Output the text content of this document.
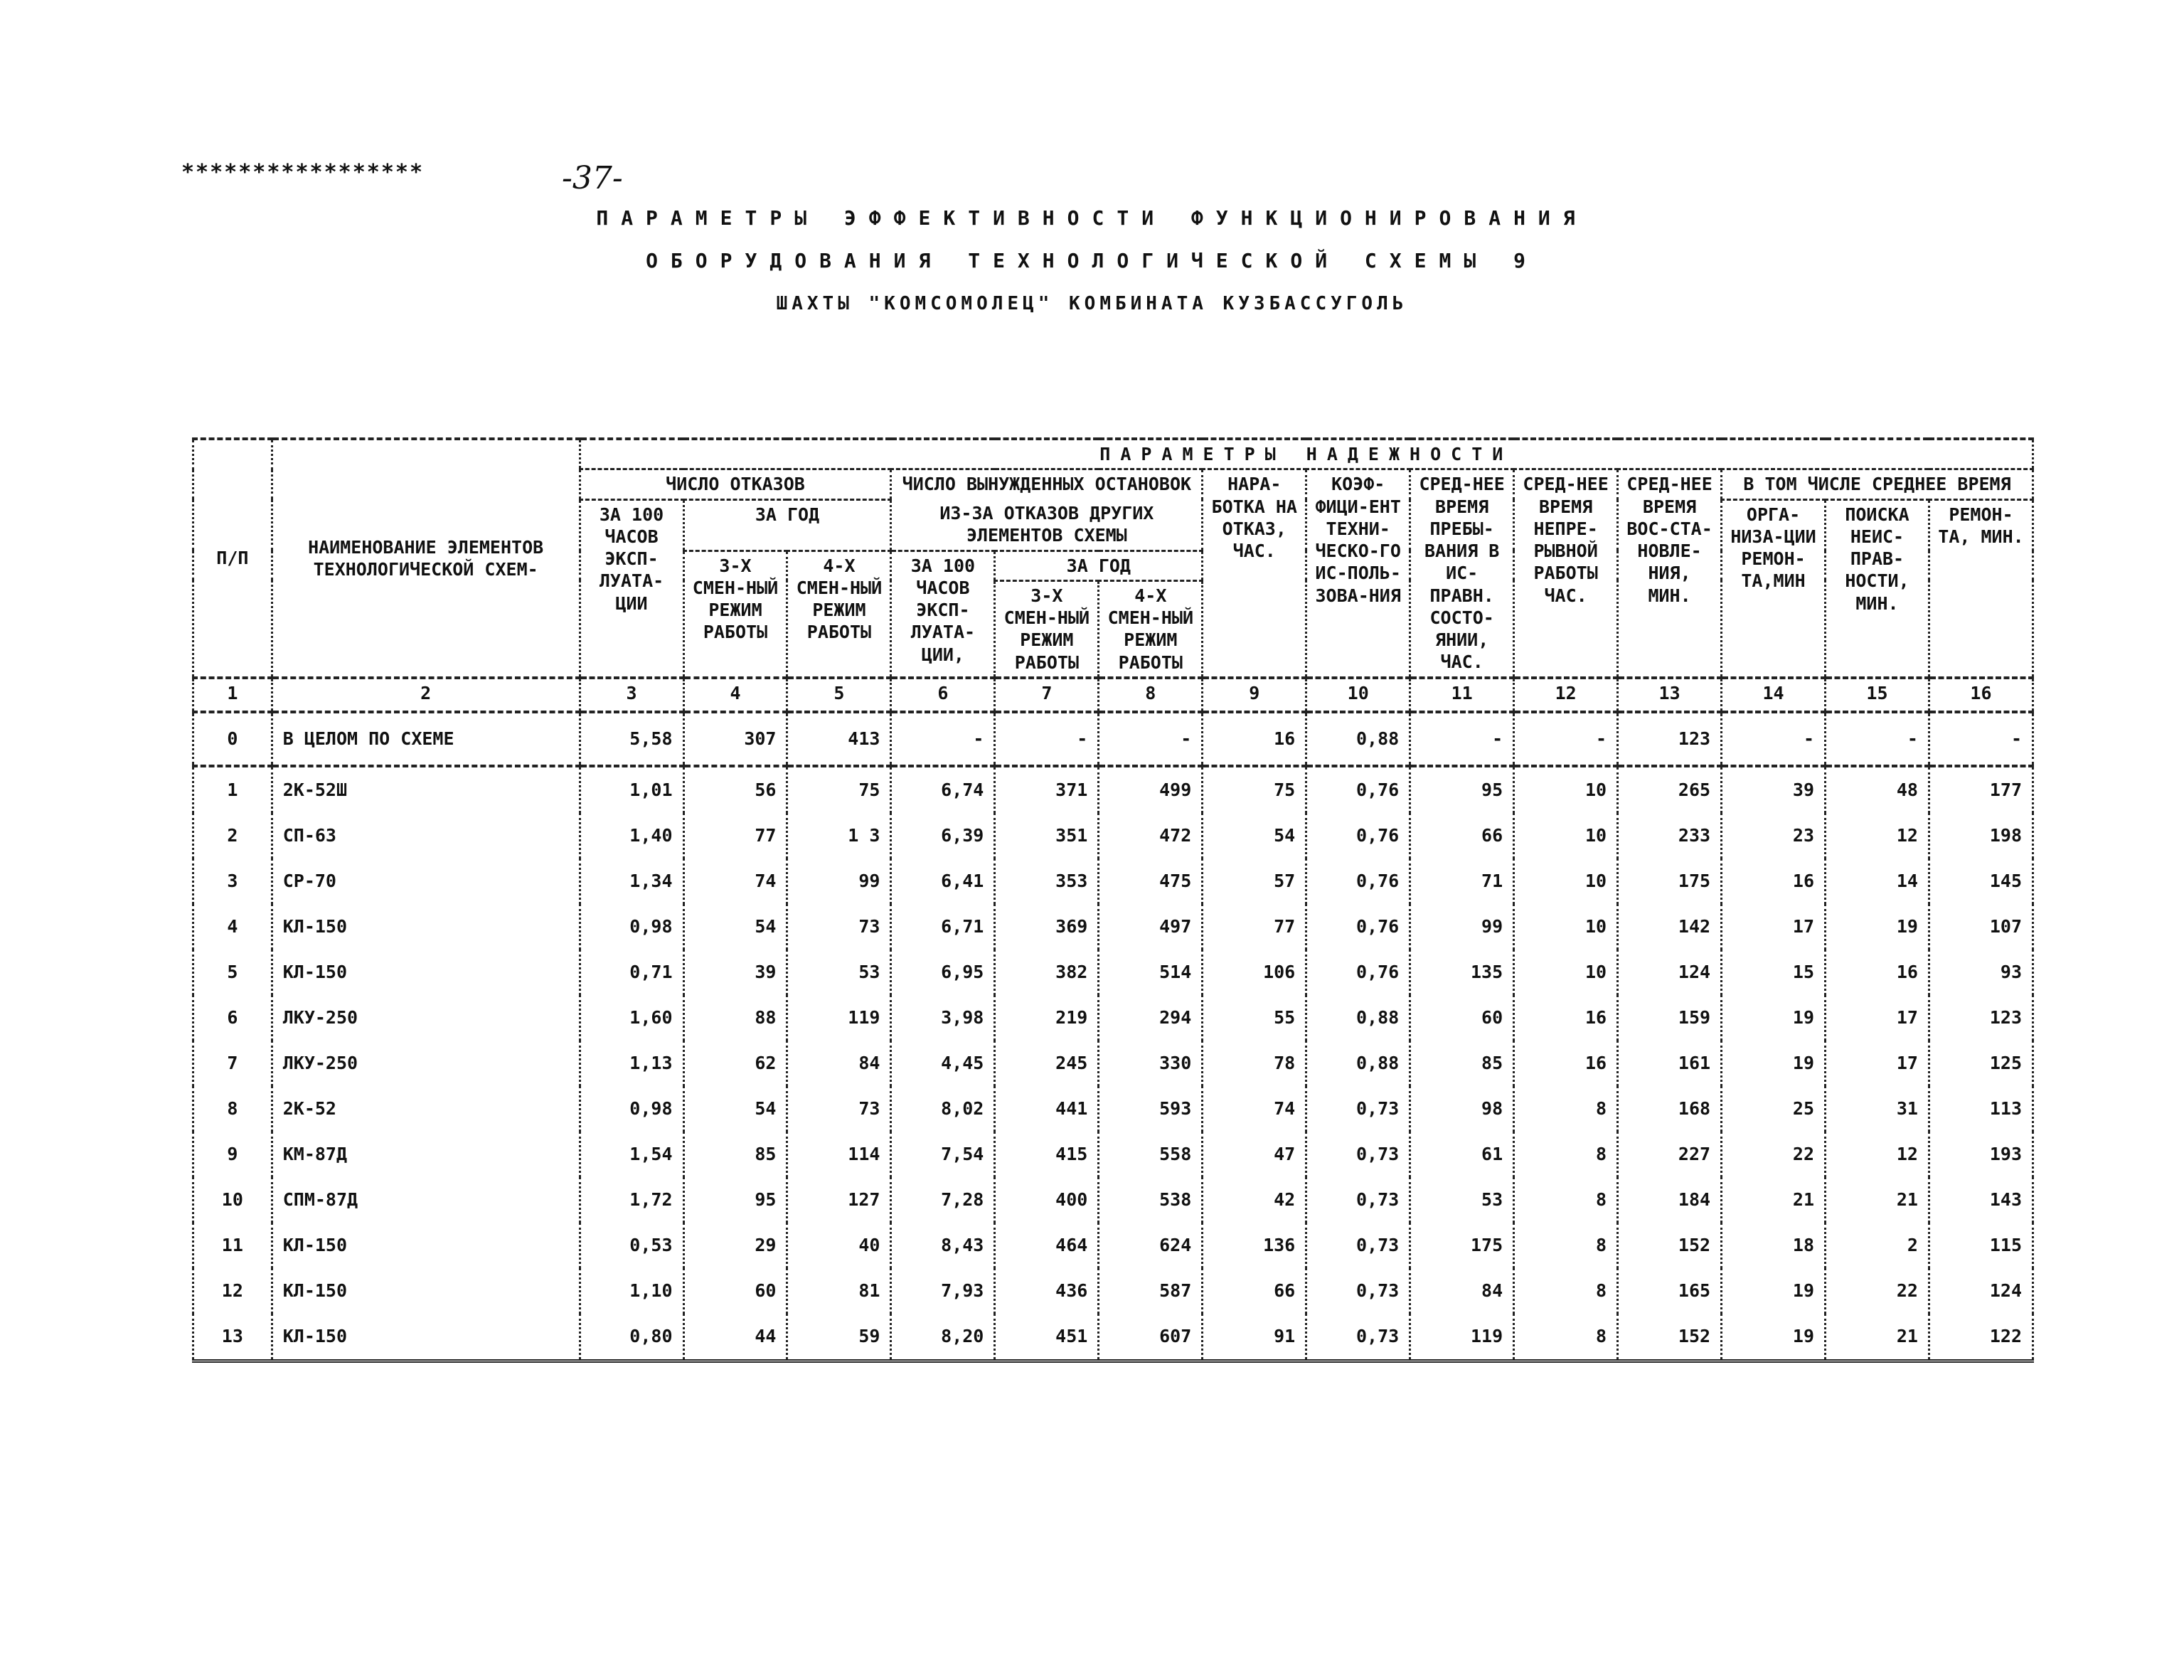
*****************	-37-
ПАРАМЕТРЫ ЭФФЕКТИВНОСТИ ФУНКЦИОНИРОВАНИЯ
ОБОРУДОВАНИЯ ТЕХНОЛОГИЧЕСКОЙ СХЕМЫ 9
ШАХТЫ "КОМСОМОЛЕЦ" КОМБИНАТА КУЗБАССУГОЛЬ
П/П	НАИМЕНОВАНИЕ ЭЛЕМЕНТОВ ТЕХНОЛОГИЧЕСКОЙ СХЕМ-	ПАРАМЕТРЫ НАДЕЖНОСТИ													
		ЧИСЛО ОТКАЗОВ			ЧИСЛО ВЫНУЖДЕННЫХ ОСТАНОВОК			НАРА-БОТКА НА ОТКАЗ, ЧАС.	КОЭФ-ФИЦИ-ЕНТ ТЕХНИ-ЧЕСКО-ГО ИС-ПОЛЬ-ЗОВА-НИЯ	СРЕД-НЕЕ ВРЕМЯ ПРЕБЫ-ВАНИЯ В ИС-ПРАВН. СОСТО-ЯНИИ, ЧАС.	СРЕД-НЕЕ ВРЕМЯ НЕПРЕ-РЫВНОЙ РАБОТЫ ЧАС.	СРЕД-НЕЕ ВРЕМЯ ВОС-СТА-НОВЛЕ-НИЯ, МИН.	В ТОМ ЧИСЛЕ СРЕДНЕЕ ВРЕМЯ		
		ЗА 100 ЧАСОВ ЭКСП-ЛУАТА-ЦИИ	ЗА ГОД		ИЗ-ЗА ОТКАЗОВ ДРУГИХ ЭЛЕМЕНТОВ СХЕМЫ								ОРГА-НИЗА-ЦИИ РЕМОН-ТА,МИН	ПОИСКА НЕИС-ПРАВ-НОСТИ, МИН.	РЕМОН-ТА, МИН.
			3-Х СМЕН-НЫЙ РЕЖИМ РАБОТЫ	4-Х СМЕН-НЫЙ РЕЖИМ РАБОТЫ	ЗА 100 ЧАСОВ ЭКСП-ЛУАТА-ЦИИ,	ЗА ГОД									
						3-Х СМЕН-НЫЙ РЕЖИМ РАБОТЫ	4-Х СМЕН-НЫЙ РЕЖИМ РАБОТЫ								
1	2	3	4	5	6	7	8	9	10	11	12	13	14	15	16
0	В ЦЕЛОМ ПО СХЕМЕ	5,58	307	413	-	-	-	16	0,88	-	-	123	-	-	-
1	2К-52Ш	1,01	56	75	6,74	371	499	75	0,76	95	10	265	39	48	177
2	СП-63	1,40	77	1 3	6,39	351	472	54	0,76	66	10	233	23	12	198
3	СР-70	1,34	74	99	6,41	353	475	57	0,76	71	10	175	16	14	145
4	КЛ-150	0,98	54	73	6,71	369	497	77	0,76	99	10	142	17	19	107
5	КЛ-150	0,71	39	53	6,95	382	514	106	0,76	135	10	124	15	16	93
6	ЛКУ-250	1,60	88	119	3,98	219	294	55	0,88	60	16	159	19	17	123
7	ЛКУ-250	1,13	62	84	4,45	245	330	78	0,88	85	16	161	19	17	125
8	2К-52	0,98	54	73	8,02	441	593	74	0,73	98	8	168	25	31	113
9	КМ-87Д	1,54	85	114	7,54	415	558	47	0,73	61	8	227	22	12	193
10	СПМ-87Д	1,72	95	127	7,28	400	538	42	0,73	53	8	184	21	21	143
11	КЛ-150	0,53	29	40	8,43	464	624	136	0,73	175	8	152	18	2	115
12	КЛ-150	1,10	60	81	7,93	436	587	66	0,73	84	8	165	19	22	124
13	КЛ-150	0,80	44	59	8,20	451	607	91	0,73	119	8	152	19	21	122
